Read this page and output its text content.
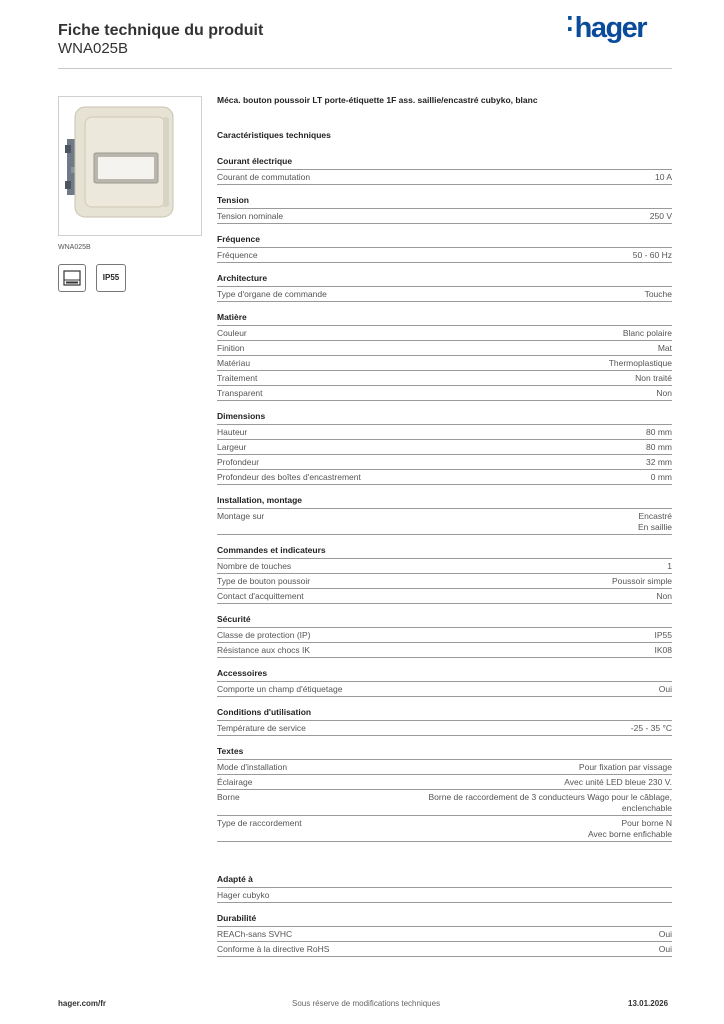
Fiche technique du produit
WNA025B
⁚hager
WNA025B
IP55
Méca. bouton poussoir LT porte-étiquette 1F ass. saillie/encastré cubyko, blanc
Caractéristiques techniques
Courant électrique
Courant de commutation	10 A
Tension
Tension nominale	250 V
Fréquence
Fréquence	50 - 60 Hz
Architecture
Type d'organe de commande	Touche
Matière
Couleur	Blanc polaire
Finition	Mat
Matériau	Thermoplastique
Traitement	Non traité
Transparent	Non
Dimensions
Hauteur	80 mm
Largeur	80 mm
Profondeur	32 mm
Profondeur des boîtes d'encastrement	0 mm
Installation, montage
Montage sur	Encastré
En saillie
Commandes et indicateurs
Nombre de touches	1
Type de bouton poussoir	Poussoir simple
Contact d'acquittement	Non
Sécurité
Classe de protection (IP)	IP55
Résistance aux chocs IK	IK08
Accessoires
Comporte un champ d'étiquetage	Oui
Conditions d'utilisation
Température de service	-25 - 35 °C
Textes
Mode d'installation	Pour fixation par vissage
Éclairage	Avec unité LED bleue 230 V.
Borne	Borne de raccordement de 3 conducteurs Wago pour le câblage,
enclenchable
Type de raccordement	Pour borne N
Avec borne enfichable
Adapté à
Hager cubyko
Durabilité
REACh-sans SVHC	Oui
Conforme à la directive RoHS	Oui
hager.com/fr	Sous réserve de modifications techniques	13.01.2026
